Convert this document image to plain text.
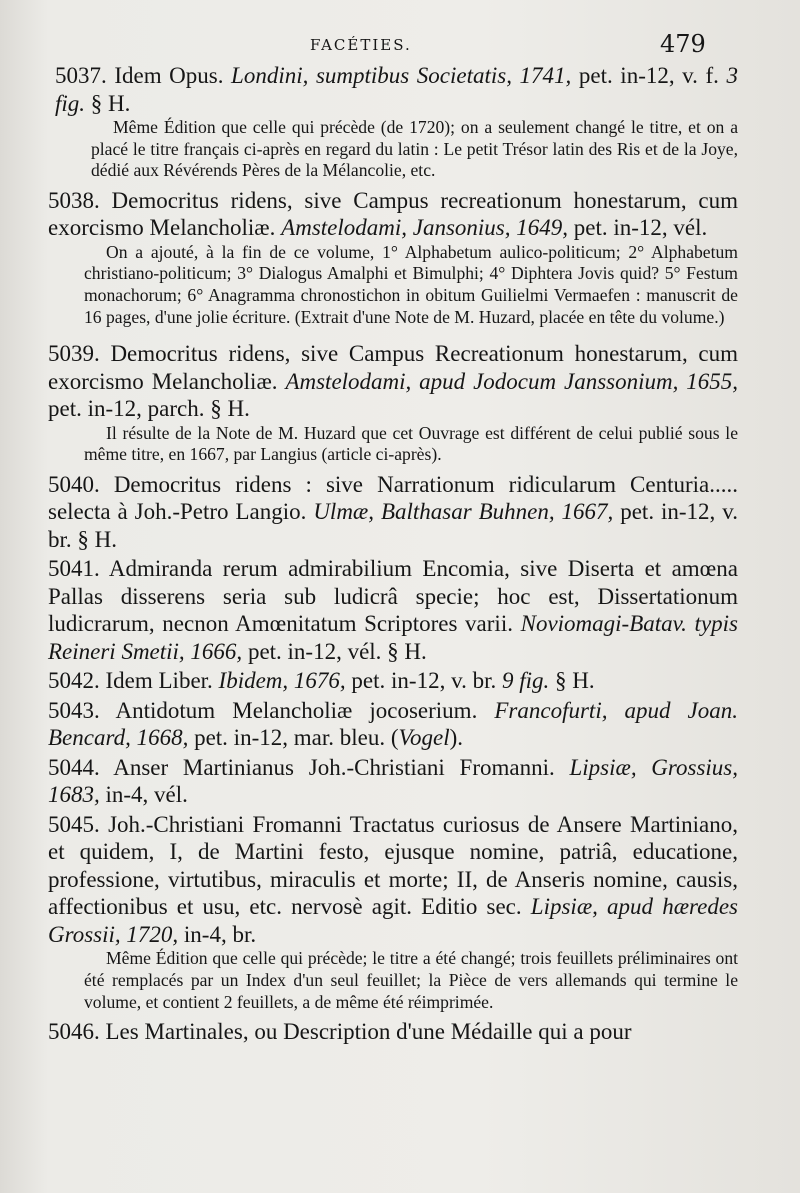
FACÉTIES.	479
5037. Idem Opus. Londini, sumptibus Societatis, 1741, pet. in-12, v. f. 3 fig. § H.
Même Édition que celle qui précède (de 1720); on a seulement changé le titre, et on a placé le titre français ci-après en regard du latin : Le petit Trésor latin des Ris et de la Joye, dédié aux Révérends Pères de la Mélancolie, etc.
5038. Democritus ridens, sive Campus recreationum honestarum, cum exorcismo Melancholiæ. Amstelodami, Jansonius, 1649, pet. in-12, vél.
On a ajouté, à la fin de ce volume, 1° Alphabetum aulico-politicum; 2° Alphabetum christiano-politicum; 3° Dialogus Amalphi et Bimulphi; 4° Diphtera Jovis quid? 5° Festum monachorum; 6° Anagramma chronostichon in obitum Guilielmi Vermaefen : manuscrit de 16 pages, d'une jolie écriture. (Extrait d'une Note de M. Huzard, placée en tête du volume.)
5039. Democritus ridens, sive Campus Recreationum honestarum, cum exorcismo Melancholiæ. Amstelodami, apud Jodocum Janssonium, 1655, pet. in-12, parch. § H.
Il résulte de la Note de M. Huzard que cet Ouvrage est différent de celui publié sous le même titre, en 1667, par Langius (article ci-après).
5040. Democritus ridens : sive Narrationum ridicularum Centuria..... selecta à Joh.-Petro Langio. Ulmæ, Balthasar Buhnen, 1667, pet. in-12, v. br. § H.
5041. Admiranda rerum admirabilium Encomia, sive Diserta et amœna Pallas disserens seria sub ludicrâ specie; hoc est, Dissertationum ludicrarum, necnon Amœnitatum Scriptores varii. Noviomagi-Batav. typis Reineri Smetii, 1666, pet. in-12, vél. § H.
5042. Idem Liber. Ibidem, 1676, pet. in-12, v. br. 9 fig. § H.
5043. Antidotum Melancholiæ jocoserium. Francofurti, apud Joan. Bencard, 1668, pet. in-12, mar. bleu. (Vogel).
5044. Anser Martinianus Joh.-Christiani Fromanni. Lipsiæ, Grossius, 1683, in-4, vél.
5045. Joh.-Christiani Fromanni Tractatus curiosus de Ansere Martiniano, et quidem, I, de Martini festo, ejusque nomine, patriâ, educatione, professione, virtutibus, miraculis et morte; II, de Anseris nomine, causis, affectionibus et usu, etc. nervosè agit. Editio sec. Lipsiæ, apud hæredes Grossii, 1720, in-4, br.
Même Édition que celle qui précède; le titre a été changé; trois feuillets préliminaires ont été remplacés par un Index d'un seul feuillet; la Pièce de vers allemands qui termine le volume, et contient 2 feuillets, a de même été réimprimée.
5046. Les Martinales, ou Description d'une Médaille qui a pour
